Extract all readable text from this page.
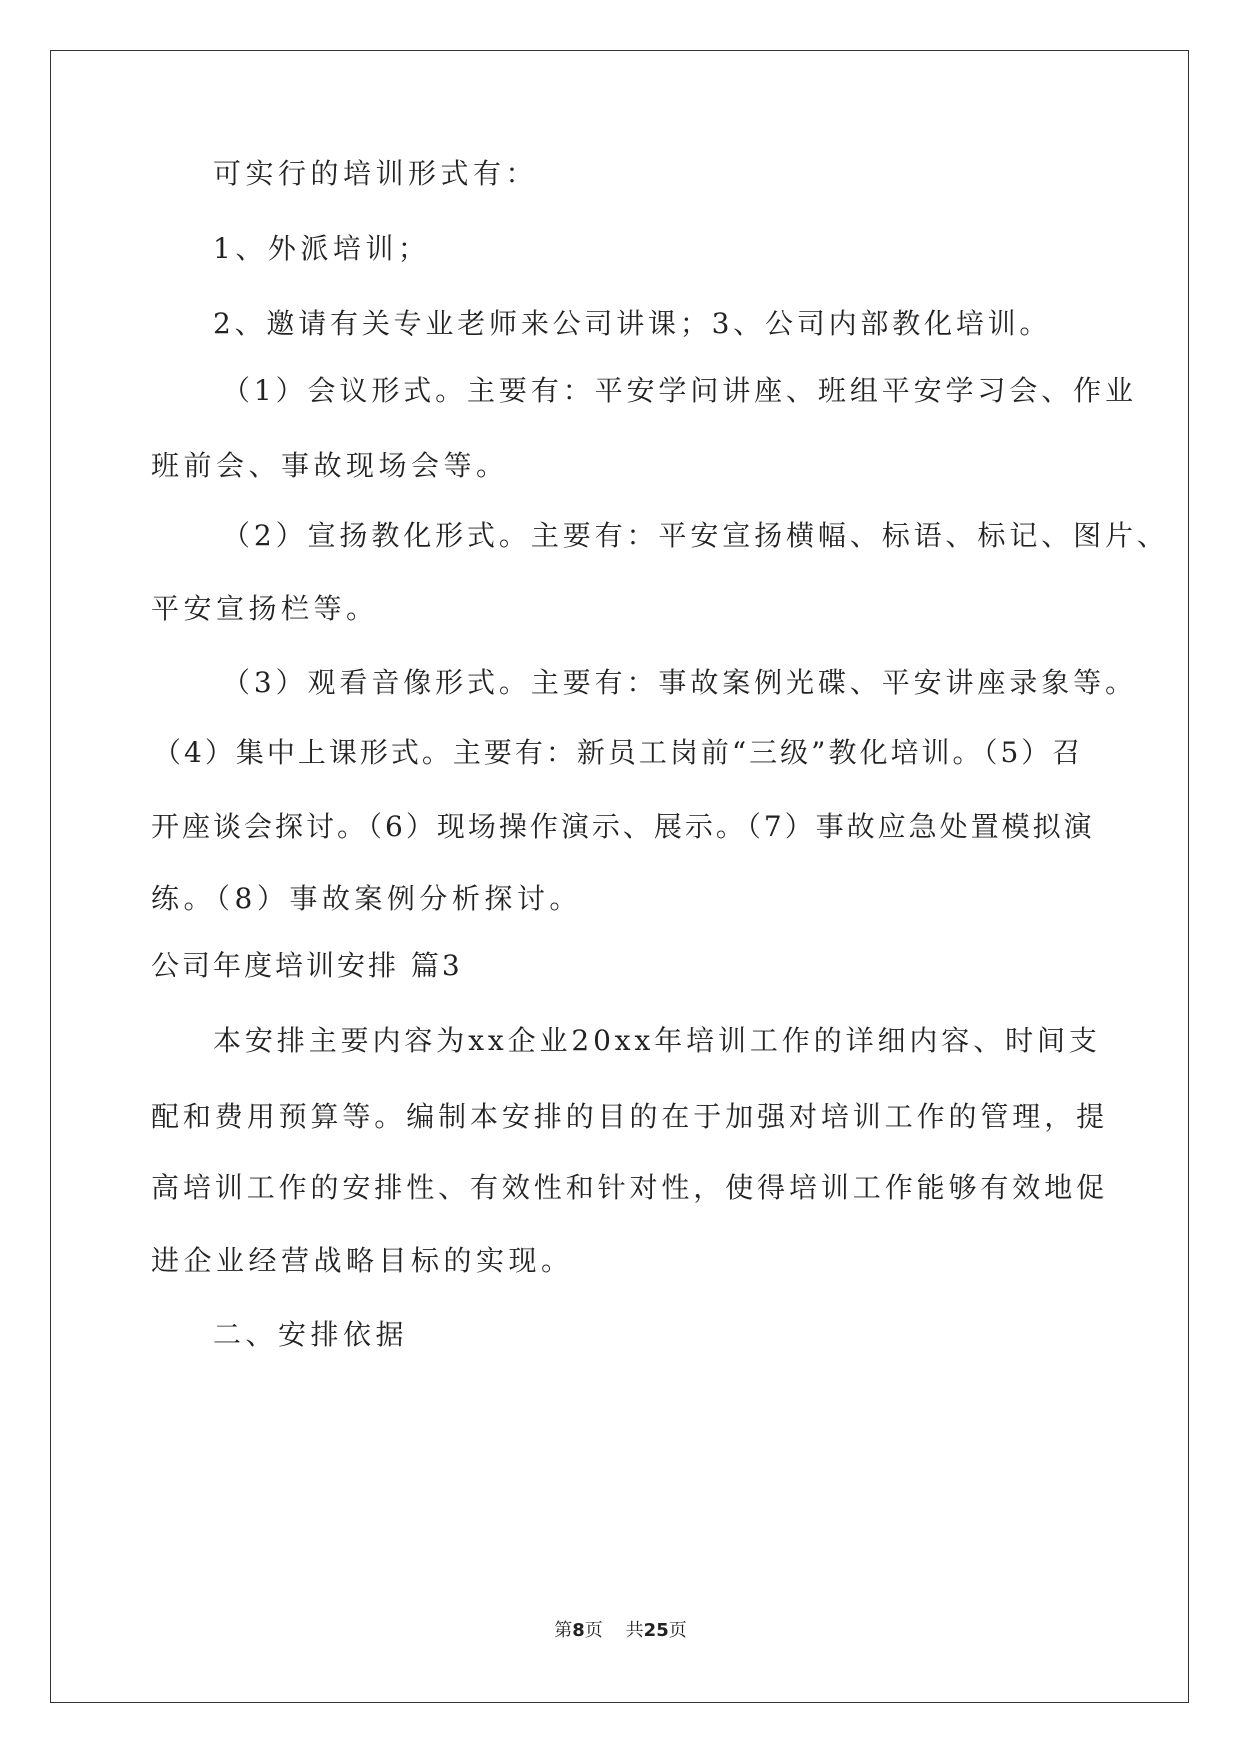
可实行的培训形式有：
1、外派培训；
2、邀请有关专业老师来公司讲课；3、公司内部教化培训。
（1）会议形式。主要有：平安学问讲座、班组平安学习会、作业
班前会、事故现场会等。
（2）宣扬教化形式。主要有：平安宣扬横幅、标语、标记、图片、
平安宣扬栏等。
（3）观看音像形式。主要有：事故案例光碟、平安讲座录象等。
（4）集中上课形式。主要有：新员工岗前“三级”教化培训。（5）召
开座谈会探讨。（6）现场操作演示、展示。（7）事故应急处置模拟演
练。（8）事故案例分析探讨。
公司年度培训安排 篇3
本安排主要内容为xx企业20xx年培训工作的详细内容、时间支
配和费用预算等。编制本安排的目的在于加强对培训工作的管理，提
高培训工作的安排性、有效性和针对性，使得培训工作能够有效地促
进企业经营战略目标的实现。
二、安排依据
第8页 共25页
